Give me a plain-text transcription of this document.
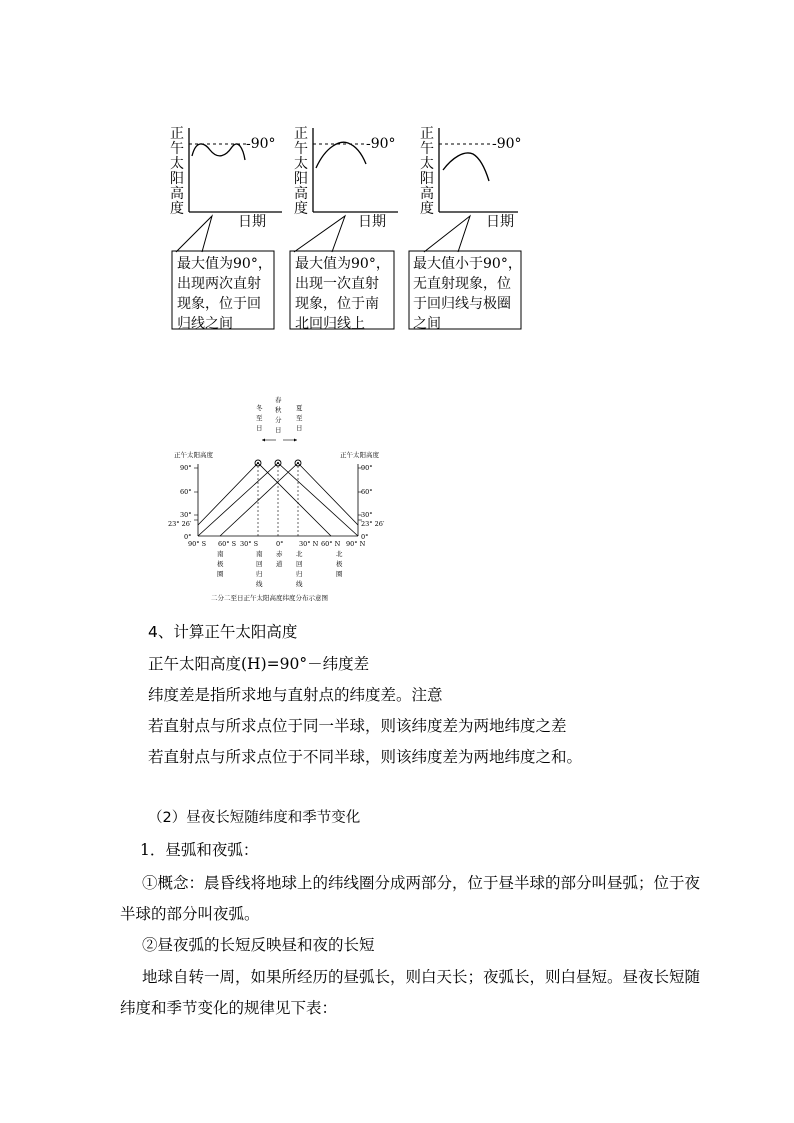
正
午
太
阳
高
度
-90°
日期
正
午
太
阳
高
度
-90°
日期
正
午
太
阳
高
度
-90°
日期
最大值为90°，
出现两次直射
现象，位于回
归线之间
最大值为90°，
出现一次直射
现象，位于南
北回归线上
最大值小于90°，
无直射现象，位
于回归线与极圈
之间
冬
至
日
春
秋
分
日
夏
至
日
正午太阳高度	正午太阳高度
90°
60°
30°
23° 26′
0°
90°
60°
30°
23° 26′
0°
90° S 60° S 30° S	0° 30° N 60° N 90° N
南
极
圈
南
回
归
线
赤
道
北
回
归
线
北
极
圈
二分二至日正午太阳高度纬度分布示意图
4、计算正午太阳高度
正午太阳高度(H)=90°－纬度差
纬度差是指所求地与直射点的纬度差。注意
若直射点与所求点位于同一半球，则该纬度差为两地纬度之差
若直射点与所求点位于不同半球，则该纬度差为两地纬度之和。
（2）昼夜长短随纬度和季节变化
1．昼弧和夜弧：
①概念：晨昏线将地球上的纬线圈分成两部分，位于昼半球的部分叫昼弧；位于夜
半球的部分叫夜弧。
②昼夜弧的长短反映昼和夜的长短
地球自转一周，如果所经历的昼弧长，则白天长；夜弧长，则白昼短。昼夜长短随
纬度和季节变化的规律见下表：
